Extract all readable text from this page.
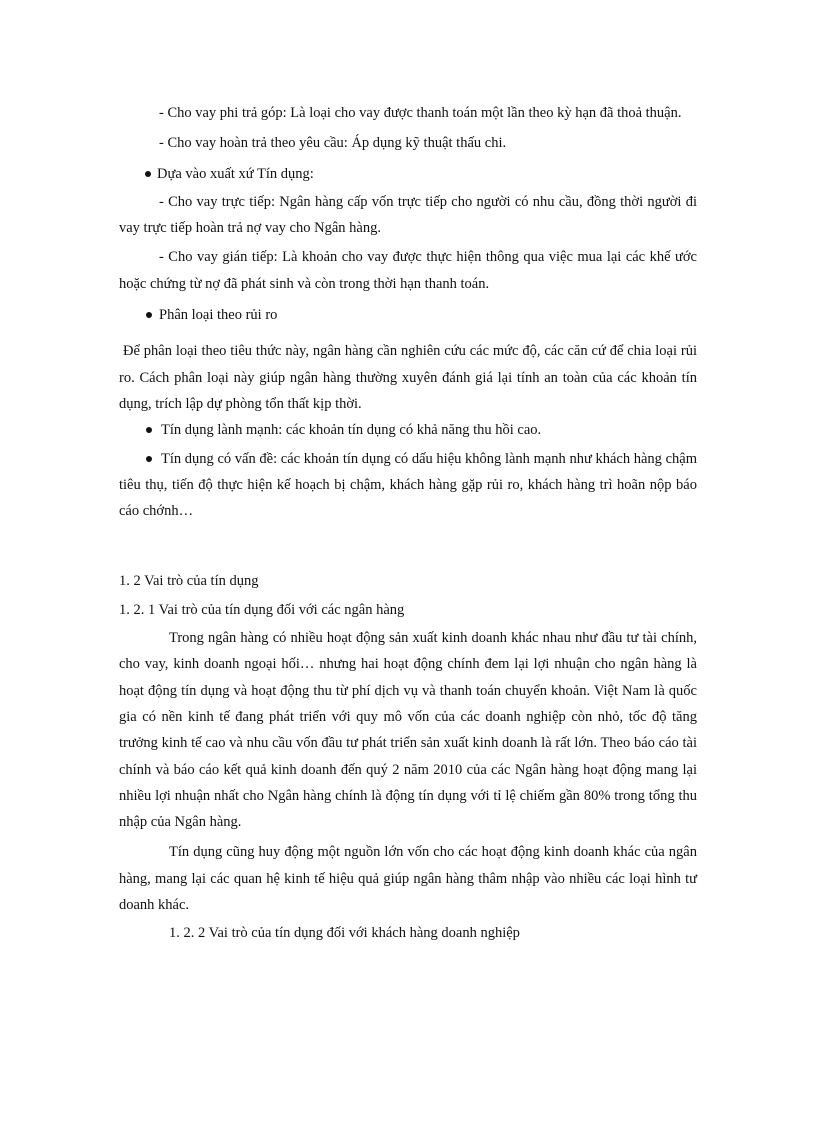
- Cho vay phi trả góp: Là loại cho vay được thanh toán một lần theo kỳ hạn đã thoả thuận.

- Cho vay hoàn trả theo yêu cầu: Áp dụng kỹ thuật thấu chi.

Dựa vào xuất xứ Tín dụng:

- Cho vay trực tiếp: Ngân hàng cấp vốn trực tiếp cho người có nhu cầu, đồng thời người đi vay trực tiếp hoàn trả nợ vay cho Ngân hàng.

- Cho vay gián tiếp: Là khoản cho vay được thực hiện thông qua việc mua lại các khế ước hoặc chứng từ nợ đã phát sinh và còn trong thời hạn thanh toán.

Phân loại theo rủi ro

Để phân loại theo tiêu thức này, ngân hàng cần nghiên cứu các mức độ, các căn cứ để chia loại rủi ro. Cách phân loại này giúp ngân hàng thường xuyên đánh giá lại tính an toàn của các khoản tín dụng, trích lập dự phòng tổn thất kịp thời.

Tín dụng lành mạnh: các khoản tín dụng có khả năng thu hồi cao.
Tín dụng có vấn đề: các khoản tín dụng có dấu hiệu không lành mạnh như khách hàng chậm tiêu thụ, tiến độ thực hiện kế hoạch bị chậm, khách hàng gặp rủi ro, khách hàng trì hoãn nộp báo cáo chớnh…

1. 2 Vai trò của tín dụng

1. 2. 1 Vai trò của tín dụng đối với các ngân hàng

Trong ngân hàng có nhiều hoạt động sản xuất kinh doanh khác nhau như đầu tư tài chính, cho vay, kinh doanh ngoại hối… nhưng hai hoạt động chính đem lại lợi nhuận cho ngân hàng là hoạt động tín dụng và hoạt động thu từ phí dịch vụ và thanh toán chuyển khoản. Việt Nam là quốc gia có nền kinh tế đang phát triển với quy mô vốn của các doanh nghiệp còn nhỏ, tốc độ tăng trưởng kinh tế cao và nhu cầu vốn đầu tư phát triển sản xuất kinh doanh là rất lớn. Theo báo cáo tài chính và báo cáo kết quả kinh doanh đến quý 2 năm 2010 của các Ngân hàng hoạt động mang lại nhiều lợi nhuận nhất cho Ngân hàng chính là động tín dụng với tỉ lệ chiếm gần 80% trong tổng thu nhập của Ngân hàng.

Tín dụng cũng huy động một nguồn lớn vốn cho các hoạt động kinh doanh khác của ngân hàng, mang lại các quan hệ kinh tế hiệu quả giúp ngân hàng thâm nhập vào nhiều các loại hình tư doanh khác.

1. 2. 2 Vai trò của tín dụng đối với khách hàng doanh nghiệp
